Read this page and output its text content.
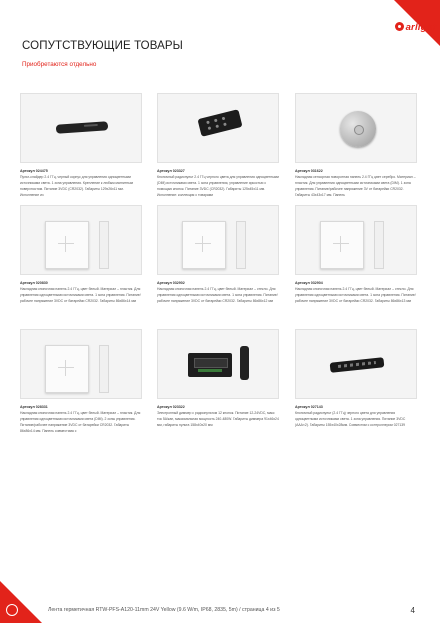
arlight
СОПУТСТВУЮЩИЕ ТОВАРЫ
Приобретаются отдельно
Артикул 024475
Пульт-слайдер 2.4 ГГц, черный корпус для управления одноцветными источниками света. 1 зона управления. Крепление к любым магнитным поверхностям. Питание 3VDC (CR2032). Габариты 129х26х11 мм. Исполнение из
Артикул 023327
Кнопочный радиопульт 2.4 ГГц черного цвета для управления одноцветными (DIM) источниками света. 1 зона управления, управление яркостью с помощью кнопок. Питание 3VDC (CR2032). Габариты 125х45х11 мм. Исполнение: коллекция с товарами
Артикул 031622
Накладная сенсорная поворотная панель 2.4 ГГц цвет серебро. Материал – пластик. Для управления одноцветными источниками света (DIM). 1 зона управления. Питание/рабочее напряжение 3V от батарейки CR2032. Габариты 43х43х17 мм. Панель
Артикул 020830
Накладная кнопочная панель 2.4 ГГц, цвет белый. Материал – пластик. Для управления одноцветными источниками света. 1 зона управления. Питание/рабочее напряжение 3VDC от батарейки CR2032. Габариты 86х86х14 мм
Артикул 032902
Накладная кнопочная панель 2.4 ГГц, цвет белый. Материал – стекло. Для управления одноцветными источниками света. 1 зона управления. Питание/рабочее напряжение 3VDC от батарейки CR2032. Габариты 86х86х12 мм
Артикул 032904
Накладная кнопочная панель 2.4 ГГц, цвет белый. Материал – стекло. Для управления одноцветными источниками света. 1 зона управления. Питание/рабочее напряжение 3VDC от батарейки CR2032. Габариты 86х86х13 мм
Артикул 028331
Накладная кнопочная панель 2.4 ГГц, цвет белый. Материал – пластик. Для управления одноцветными источниками света (DIM). 2 зоны управления. Питание/рабочее напряжение 3VDC от батарейки CR2032. Габариты 86х86х14 мм. Панель совместима с
Артикул 023322
Электронный диммер с радиопультом 12 кнопок. Питание 12-24VDC, макс ток 5А/кан, максимальная мощность 240-480W. Габариты диммера 91х46х24 мм, габариты пульта 158х40х20 мм
Артикул 027143
Кнопочный радиопульт (2.4 ГГц) черного цвета для управления одноцветными источниками света. 1 зона управления. Питание 3VDC (AAA×2). Габариты 155х40х28мм. Совместим с контроллером 027139
Лента герметичная RTW-PFS-A120-11mm 24V Yellow (9.6 W/m, IP68, 2835, 5m) / страница 4 из 5	4
